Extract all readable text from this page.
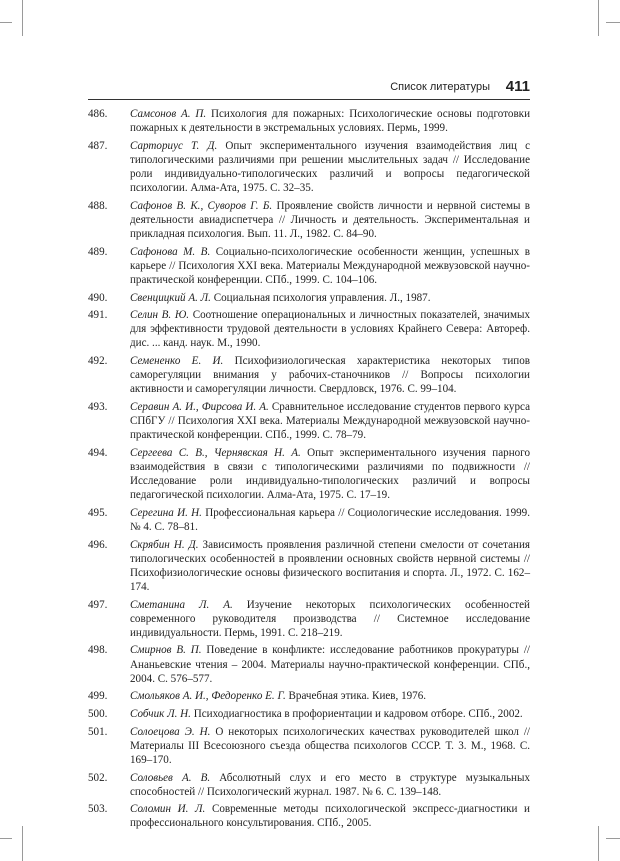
Список литературы 411
486. Самсонов А. П. Психология для пожарных: Психологические основы подготовки пожарных к деятельности в экстремальных условиях. Пермь, 1999.
487. Сарториус Т. Д. Опыт экспериментального изучения взаимодействия лиц с типологическими различиями при решении мыслительных задач // Исследование роли индивидуально-типологических различий и вопросы педагогической психологии. Алма-Ата, 1975. С. 32–35.
488. Сафонов В. К., Суворов Г. Б. Проявление свойств личности и нервной системы в деятельности авиадиспетчера // Личность и деятельность. Экспериментальная и прикладная психология. Вып. 11. Л., 1982. С. 84–90.
489. Сафонова М. В. Социально-психологические особенности женщин, успешных в карьере // Психология XXI века. Материалы Международной межвузовской научно-практической конференции. СПб., 1999. С. 104–106.
490. Свенцицкий А. Л. Социальная психология управления. Л., 1987.
491. Селин В. Ю. Соотношение операциональных и личностных показателей, значимых для эффективности трудовой деятельности в условиях Крайнего Севера: Автореф. дис. ... канд. наук. М., 1990.
492. Семененко Е. И. Психофизиологическая характеристика некоторых типов саморегуляции внимания у рабочих-станочников // Вопросы психологии активности и саморегуляции личности. Свердловск, 1976. С. 99–104.
493. Серавин А. И., Фирсова И. А. Сравнительное исследование студентов первого курса СПбГУ // Психология XXI века. Материалы Международной межвузовской научно-практической конференции. СПб., 1999. С. 78–79.
494. Сергеева С. В., Чернявская Н. А. Опыт экспериментального изучения парного взаимодействия в связи с типологическими различиями по подвижности // Исследование роли индивидуально-типологических различий и вопросы педагогической психологии. Алма-Ата, 1975. С. 17–19.
495. Серегина И. Н. Профессиональная карьера // Социологические исследования. 1999. № 4. С. 78–81.
496. Скрябин Н. Д. Зависимость проявления различной степени смелости от сочетания типологических особенностей в проявлении основных свойств нервной системы // Психофизиологические основы физического воспитания и спорта. Л., 1972. С. 162–174.
497. Сметанина Л. А. Изучение некоторых психологических особенностей современного руководителя производства // Системное исследование индивидуальности. Пермь, 1991. С. 218–219.
498. Смирнов В. П. Поведение в конфликте: исследование работников прокуратуры // Ананьевские чтения – 2004. Материалы научно-практической конференции. СПб., 2004. С. 576–577.
499. Смольяков А. И., Федоренко Е. Г. Врачебная этика. Киев, 1976.
500. Собчик Л. Н. Психодиагностика в профориентации и кадровом отборе. СПб., 2002.
501. Солоецова Э. Н. О некоторых психологических качествах руководителей школ // Материалы III Всесоюзного съезда общества психологов СССР. Т. 3. М., 1968. С. 169–170.
502. Соловьев А. В. Абсолютный слух и его место в структуре музыкальных способностей // Психологический журнал. 1987. № 6. С. 139–148.
503. Соломин И. Л. Современные методы психологической экспресс-диагностики и профессионального консультирования. СПб., 2005.
